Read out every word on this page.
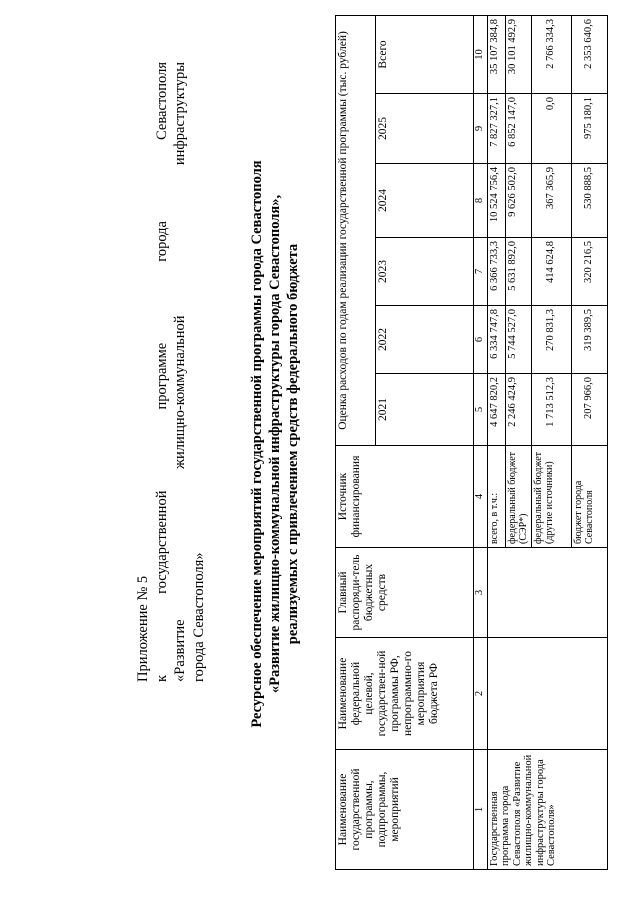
Приложение № 5 к
государственной
программе
города
Севастополя
«Развитие
жилищно-коммунальной
инфраструктуры
города Севастополя»	Ресурсное обеспечение мероприятий государственной программы города Севастополя «Развитие жилищно-коммунальной инфраструктуры города Севастополя», реализуемых с привлечением средств федерального бюджета
Наименование государственной программы, подпрограммы, мероприятий	Наименование федеральной целевой, государствен-ной программы РФ, непрограммно-го мероприятия бюджета РФ	Главный распоряди-тель бюджетных средств	Источник финансирования	Оценка расходов по годам реализации государственной программы (тыс. рублей)					
				2021	2022	2023	2024	2025	Всего
1	2	3	4	5	6	7	8	9	10
Государственная программа города Севастополя «Развитие жилищно-коммунальной инфраструктуры города Севастополя»			всего, в т.ч.:	4 647 820,2	6 334 747,8	6 366 733,3	10 524 756,4	7 827 327,1	35 107 384,8
			федеральный бюджет (СЭР*)	2 246 424,9	5 744 527,0	5 631 892,0	9 626 502,0	6 852 147,0	30 101 492,9
			федеральный бюджет (другие источники)	1 713 512,3	270 831,3	414 624,8	367 365,9	0,0	2 766 334,3
			бюджет города Севастополя	207 966,0	319 389,5	320 216,5	530 888,5	975 180,1	2 353 640,6
